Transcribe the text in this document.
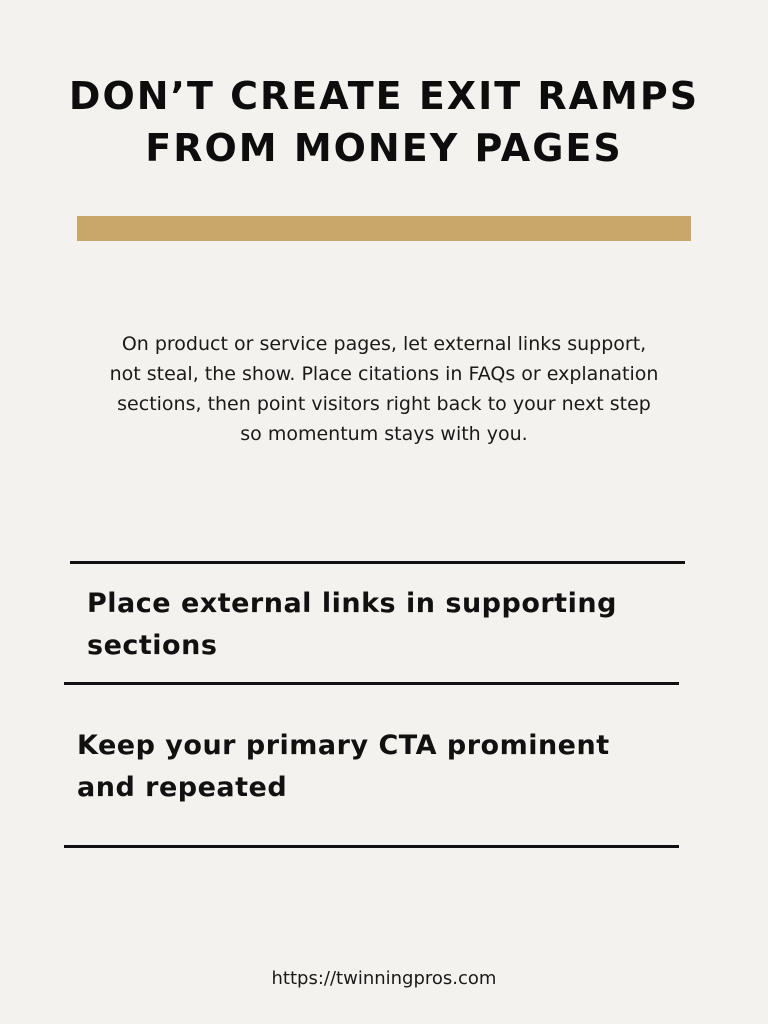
DON’T CREATE EXIT RAMPS
FROM MONEY PAGES

On product or service pages, let external links support, not steal, the show. Place citations in FAQs or explanation sections, then point visitors right back to your next step so momentum stays with you.

Place external links in supporting sections

Keep your primary CTA prominent and repeated

https://twinningpros.com
